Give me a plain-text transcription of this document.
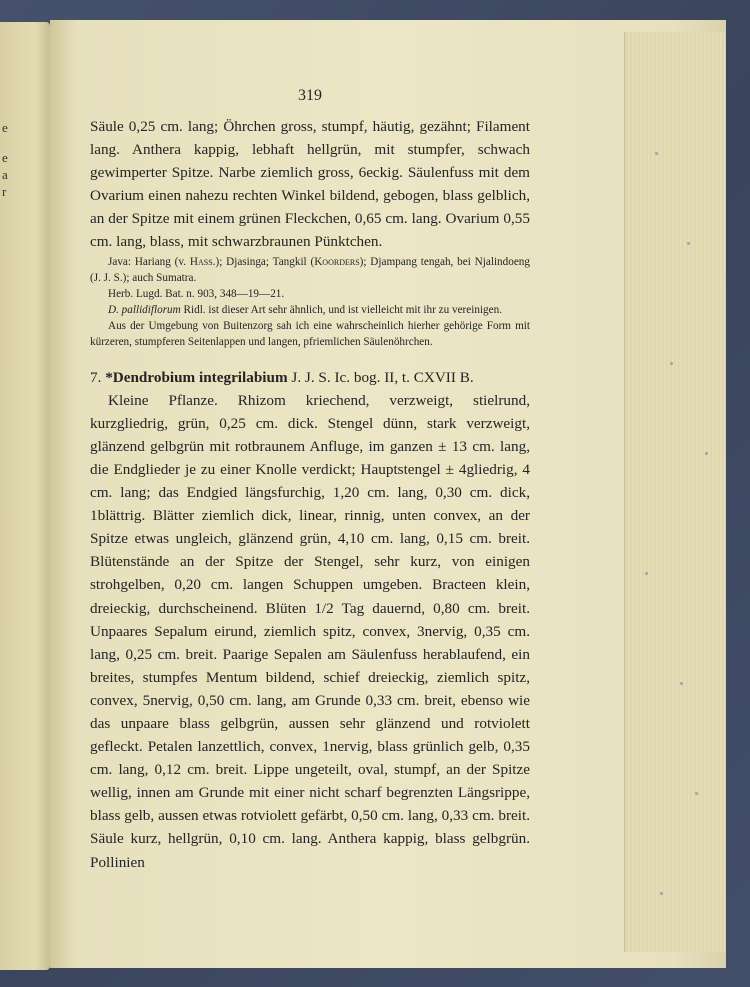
e
e
a
r
319

Säule 0,25 cm. lang; Öhrchen gross, stumpf, häutig, gezähnt; Filament lang. Anthera kappig, lebhaft hellgrün, mit stumpfer, schwach gewimperter Spitze. Narbe ziemlich gross, 6eckig. Säulenfuss mit dem Ovarium einen nahezu rechten Winkel bildend, gebogen, blass gelblich, an der Spitze mit einem grünen Fleckchen, 0,65 cm. lang. Ovarium 0,55 cm. lang, blass, mit schwarzbraunen Pünktchen.

Java: Hariang (v. Hass.); Djasinga; Tangkil (Koorders); Djampang tengah, bei Njalindoeng (J. J. S.); auch Sumatra.

Herb. Lugd. Bat. n. 903, 348—19—21.

D. pallidiflorum Ridl. ist dieser Art sehr ähnlich, und ist vielleicht mit ihr zu vereinigen.

Aus der Umgebung von Buitenzorg sah ich eine wahrscheinlich hierher gehörige Form mit kürzeren, stumpferen Seitenlappen und langen, pfriemlichen Säulenöhrchen.

7. *Dendrobium integrilabium J. J. S. Ic. bog. II, t. CXVII B.

Kleine Pflanze. Rhizom kriechend, verzweigt, stielrund, kurzgliedrig, grün, 0,25 cm. dick. Stengel dünn, stark verzweigt, glänzend gelbgrün mit rotbraunem Anfluge, im ganzen ± 13 cm. lang, die Endglieder je zu einer Knolle verdickt; Hauptstengel ± 4gliedrig, 4 cm. lang; das Endgied längsfurchig, 1,20 cm. lang, 0,30 cm. dick, 1blättrig. Blätter ziemlich dick, linear, rinnig, unten convex, an der Spitze etwas ungleich, glänzend grün, 4,10 cm. lang, 0,15 cm. breit. Blütenstände an der Spitze der Stengel, sehr kurz, von einigen strohgelben, 0,20 cm. langen Schuppen umgeben. Bracteen klein, dreieckig, durchscheinend. Blüten 1/2 Tag dauernd, 0,80 cm. breit. Unpaares Sepalum eirund, ziemlich spitz, convex, 3nervig, 0,35 cm. lang, 0,25 cm. breit. Paarige Sepalen am Säulenfuss herablaufend, ein breites, stumpfes Mentum bildend, schief dreieckig, ziemlich spitz, convex, 5nervig, 0,50 cm. lang, am Grunde 0,33 cm. breit, ebenso wie das unpaare blass gelbgrün, aussen sehr glänzend und rotviolett gefleckt. Petalen lanzettlich, convex, 1nervig, blass grünlich gelb, 0,35 cm. lang, 0,12 cm. breit. Lippe ungeteilt, oval, stumpf, an der Spitze wellig, innen am Grunde mit einer nicht scharf begrenzten Längsrippe, blass gelb, aussen etwas rotviolett gefärbt, 0,50 cm. lang, 0,33 cm. breit. Säule kurz, hellgrün, 0,10 cm. lang. Anthera kappig, blass gelbgrün. Pollinien
